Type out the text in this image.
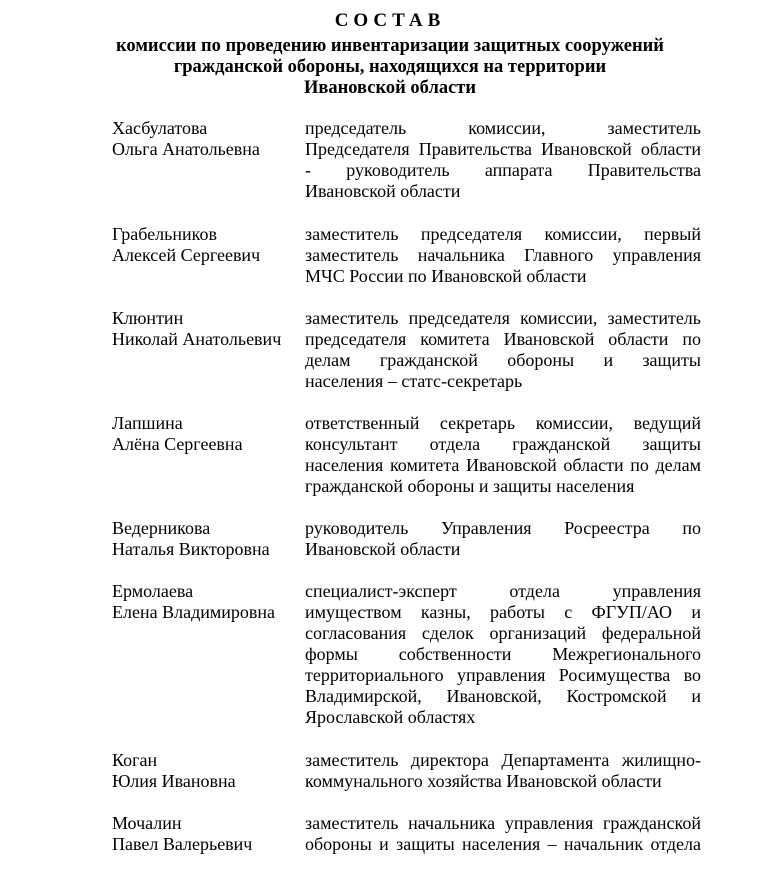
СОСТАВ
комиссии по проведению инвентаризации защитных сооружений
гражданской обороны, находящихся на территории
Ивановской области
Хасбулатова
Ольга Анатольевна
председатель комиссии, заместитель
Председателя Правительства Ивановской области
- руководитель аппарата Правительства
Ивановской области
Грабельников
Алексей Сергеевич
заместитель председателя комиссии, первый
заместитель начальника Главного управления
МЧС России по Ивановской области
Клюнтин
Николай Анатольевич
заместитель председателя комиссии, заместитель
председателя комитета Ивановской области по
делам гражданской обороны и защиты
населения – статс-секретарь
Лапшина
Алёна Сергеевна
ответственный секретарь комиссии, ведущий
консультант отдела гражданской защиты
населения комитета Ивановской области по делам
гражданской обороны и защиты населения
Ведерникова
Наталья Викторовна
руководитель Управления Росреестра по
Ивановской области
Ермолаева
Елена Владимировна
специалист-эксперт отдела управления
имуществом казны, работы с ФГУП/АО и
согласования сделок организаций федеральной
формы собственности Межрегионального
территориального управления Росимущества во
Владимирской, Ивановской, Костромской и
Ярославской областях
Коган
Юлия Ивановна
заместитель директора Департамента жилищно-
коммунального хозяйства Ивановской области
Мочалин
Павел Валерьевич
заместитель начальника управления гражданской
обороны и защиты населения – начальник отдела
